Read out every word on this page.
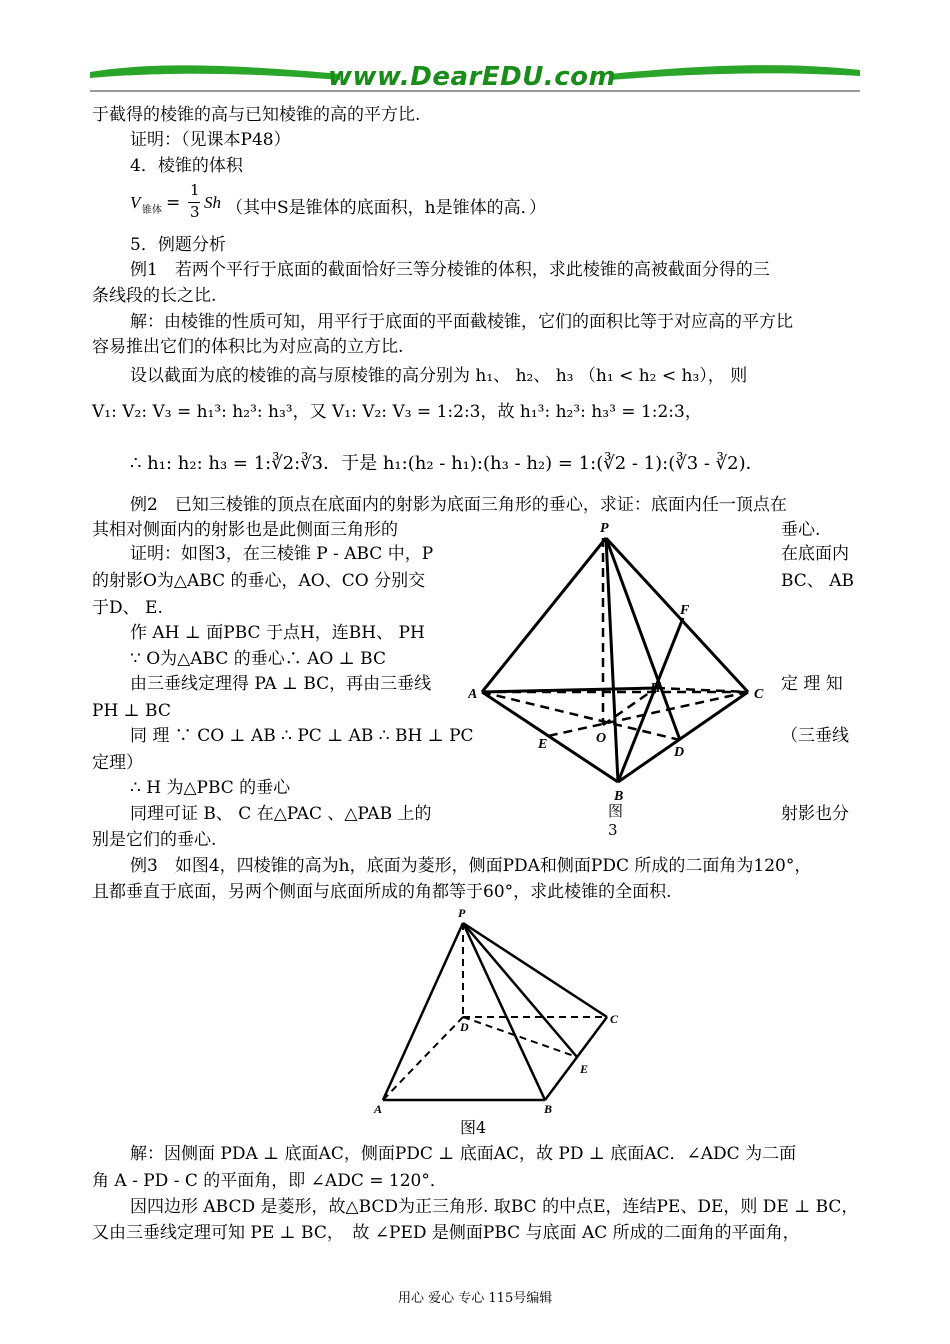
www.DearEDU.com
于截得的棱锥的高与已知棱锥的高的平方比.
证明：（见课本P48）
4．棱锥的体积
V 锥体 =
1
3 Sh （其中S是锥体的底面积，h是锥体的高．）
5．例题分析
例1　若两个平行于底面的截面恰好三等分棱锥的体积，求此棱锥的高被截面分得的三
条线段的长之比.
解：由棱锥的性质可知，用平行于底面的平面截棱锥，它们的面积比等于对应高的平方比
容易推出它们的体积比为对应高的立方比.
设以截面为底的棱锥的高与原棱锥的高分别为 h₁、 h₂、 h₃ （h₁ < h₂ < h₃）， 则
V₁: V₂: V₃ = h₁³: h₂³: h₃³，又 V₁: V₂: V₃ = 1:2:3，故 h₁³: h₂³: h₃³ = 1:2:3，
∴ h₁: h₂: h₃ = 1:∛2:∛3．于是 h₁:(h₂ - h₁):(h₃ - h₂) = 1:(∛2 - 1):(∛3 - ∛2)．
例2　已知三棱锥的顶点在底面内的射影为底面三角形的垂心，求证：底面内任一顶点在
其相对侧面内的射影也是此侧面三角形的	垂心.
证明：如图3，在三棱锥 P - ABC 中，P	在底面内
的射影O为△ABC 的垂心，AO、CO 分别交	BC、 AB
于D、 E.
作 AH ⊥ 面PBC 于点H，连BH、 PH
∵ O为△ABC 的垂心∴ AO ⊥ BC
由三垂线定理得 PA ⊥ BC，再由三垂线	定 理 知
PH ⊥ BC
同 理 ∵ CO ⊥ AB ∴ PC ⊥ AB ∴ BH ⊥ PC	（三垂线
定理）
∴ H 为△PBC 的垂心
同理可证 B、 C 在△PAC 、△PAB 上的	射影也分
别是它们的垂心.
P
A	C
B
F
H
O
E
D
图
3
例3　如图4，四棱锥的高为h，底面为菱形，侧面PDA和侧面PDC 所成的二面角为120°，
且都垂直于底面，另两个侧面与底面所成的角都等于60°，求此棱锥的全面积.
P
D
C
E
A	B
图4
解：因侧面 PDA ⊥ 底面AC，侧面PDC ⊥ 底面AC，故 PD ⊥ 底面AC．∠ADC 为二面
角 A - PD - C 的平面角，即 ∠ADC = 120°．
因四边形 ABCD 是菱形，故△BCD为正三角形. 取BC 的中点E，连结PE、DE，则 DE ⊥ BC，
又由三垂线定理可知 PE ⊥ BC，　故 ∠PED 是侧面PBC 与底面 AC 所成的二面角的平面角，
用心 爱心 专心 115号编辑
